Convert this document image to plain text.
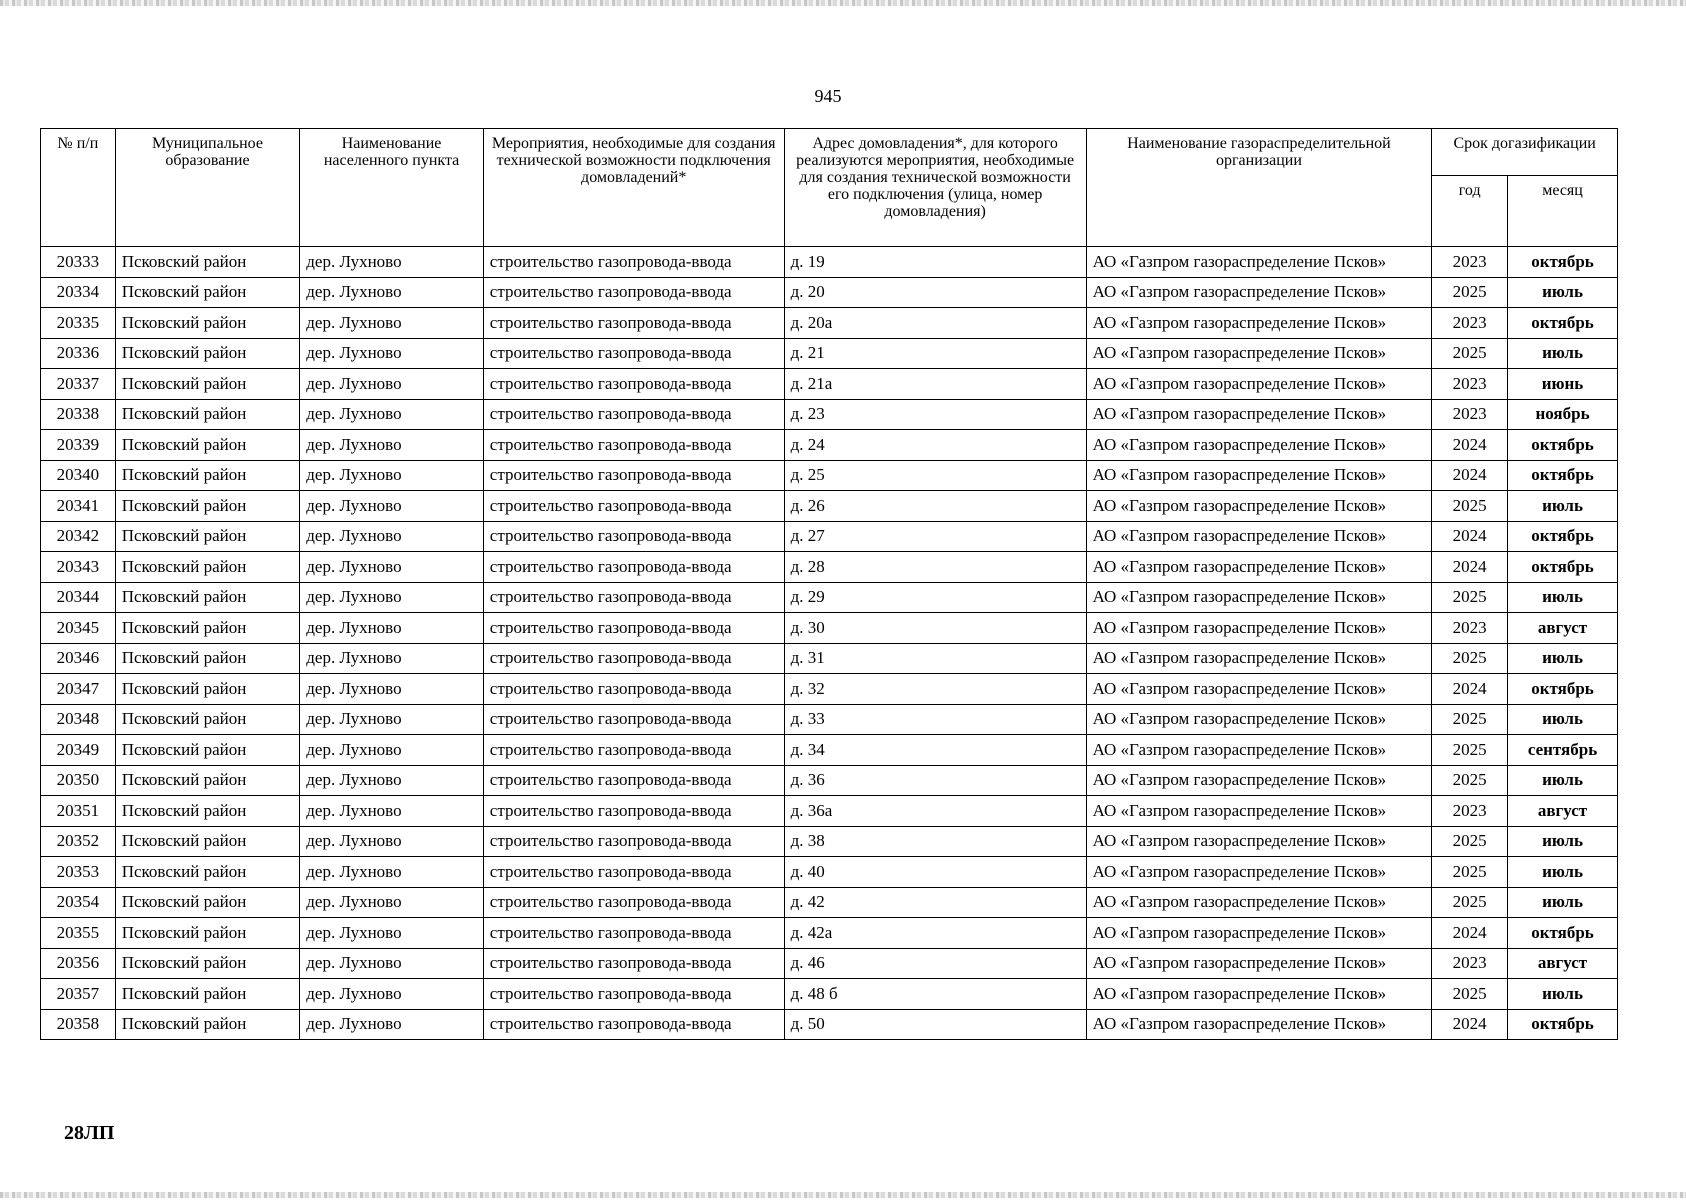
945
№ п/п	Муниципальное образование	Наименование населенного пункта	Мероприятия, необходимые для создания технической возможности подключения домовладений*	Адрес домовладения*, для которого реализуются мероприятия, необходимые для создания технической возможности его подключения (улица, номер домовладения)	Наименование газораспределительной организации	Срок догазификации	
						год	месяц
20333	Псковский район	дер. Лухново	строительство газопровода-ввода	д. 19	АО «Газпром газораспределение Псков»	2023	октябрь
20334	Псковский район	дер. Лухново	строительство газопровода-ввода	д. 20	АО «Газпром газораспределение Псков»	2025	июль
20335	Псковский район	дер. Лухново	строительство газопровода-ввода	д. 20а	АО «Газпром газораспределение Псков»	2023	октябрь
20336	Псковский район	дер. Лухново	строительство газопровода-ввода	д. 21	АО «Газпром газораспределение Псков»	2025	июль
20337	Псковский район	дер. Лухново	строительство газопровода-ввода	д. 21а	АО «Газпром газораспределение Псков»	2023	июнь
20338	Псковский район	дер. Лухново	строительство газопровода-ввода	д. 23	АО «Газпром газораспределение Псков»	2023	ноябрь
20339	Псковский район	дер. Лухново	строительство газопровода-ввода	д. 24	АО «Газпром газораспределение Псков»	2024	октябрь
20340	Псковский район	дер. Лухново	строительство газопровода-ввода	д. 25	АО «Газпром газораспределение Псков»	2024	октябрь
20341	Псковский район	дер. Лухново	строительство газопровода-ввода	д. 26	АО «Газпром газораспределение Псков»	2025	июль
20342	Псковский район	дер. Лухново	строительство газопровода-ввода	д. 27	АО «Газпром газораспределение Псков»	2024	октябрь
20343	Псковский район	дер. Лухново	строительство газопровода-ввода	д. 28	АО «Газпром газораспределение Псков»	2024	октябрь
20344	Псковский район	дер. Лухново	строительство газопровода-ввода	д. 29	АО «Газпром газораспределение Псков»	2025	июль
20345	Псковский район	дер. Лухново	строительство газопровода-ввода	д. 30	АО «Газпром газораспределение Псков»	2023	август
20346	Псковский район	дер. Лухново	строительство газопровода-ввода	д. 31	АО «Газпром газораспределение Псков»	2025	июль
20347	Псковский район	дер. Лухново	строительство газопровода-ввода	д. 32	АО «Газпром газораспределение Псков»	2024	октябрь
20348	Псковский район	дер. Лухново	строительство газопровода-ввода	д. 33	АО «Газпром газораспределение Псков»	2025	июль
20349	Псковский район	дер. Лухново	строительство газопровода-ввода	д. 34	АО «Газпром газораспределение Псков»	2025	сентябрь
20350	Псковский район	дер. Лухново	строительство газопровода-ввода	д. 36	АО «Газпром газораспределение Псков»	2025	июль
20351	Псковский район	дер. Лухново	строительство газопровода-ввода	д. 36а	АО «Газпром газораспределение Псков»	2023	август
20352	Псковский район	дер. Лухново	строительство газопровода-ввода	д. 38	АО «Газпром газораспределение Псков»	2025	июль
20353	Псковский район	дер. Лухново	строительство газопровода-ввода	д. 40	АО «Газпром газораспределение Псков»	2025	июль
20354	Псковский район	дер. Лухново	строительство газопровода-ввода	д. 42	АО «Газпром газораспределение Псков»	2025	июль
20355	Псковский район	дер. Лухново	строительство газопровода-ввода	д. 42а	АО «Газпром газораспределение Псков»	2024	октябрь
20356	Псковский район	дер. Лухново	строительство газопровода-ввода	д. 46	АО «Газпром газораспределение Псков»	2023	август
20357	Псковский район	дер. Лухново	строительство газопровода-ввода	д. 48 б	АО «Газпром газораспределение Псков»	2025	июль
20358	Псковский район	дер. Лухново	строительство газопровода-ввода	д. 50	АО «Газпром газораспределение Псков»	2024	октябрь
28ЛП
